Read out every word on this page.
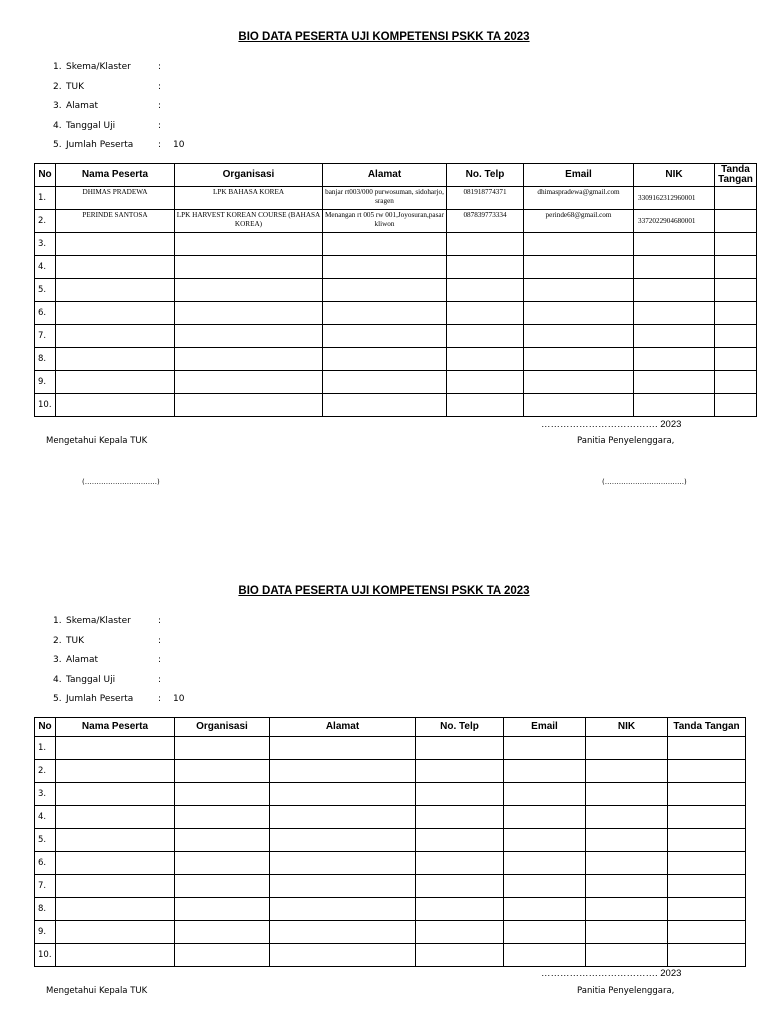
BIO DATA PESERTA UJI KOMPETENSI PSKK TA 2023
1. Skema/Klaster	:
2. TUK	:
3. Alamat	:
4. Tanggal Uji	:
5. Jumlah Peserta	: 10
No	Nama Peserta	Organisasi	Alamat	No. Telp	Email	NIK	Tanda Tangan
1.	DHIMAS PRADEWA	LPK BAHASA KOREA	banjar rt003/000 purwosuman, sidoharjo, sragen	081918774371	dhimaspradewa@gmail.com	3309162312960001	
2.	PERINDE SANTOSA	LPK HARVEST KOREAN COURSE (BAHASA KOREA)	Menangan rt 005 rw 001,Joyosuran,pasar kliwon	087839773334	perinde68@gmail.com	3372022904680001	
3.							
4.							
5.							
6.							
7.							
8.							
9.							
10.							
………………………………. 2023
Mengetahui Kepala TUK	Panitia Penyelenggara,
(………………………….)	(…………………………….)
BIO DATA PESERTA UJI KOMPETENSI PSKK TA 2023
1. Skema/Klaster	:
2. TUK	:
3. Alamat	:
4. Tanggal Uji	:
5. Jumlah Peserta	: 10
No	Nama Peserta	Organisasi	Alamat	No. Telp	Email	NIK	Tanda Tangan
1.							
2.							
3.							
4.							
5.							
6.							
7.							
8.							
9.							
10.							
………………………………. 2023
Mengetahui Kepala TUK	Panitia Penyelenggara,
